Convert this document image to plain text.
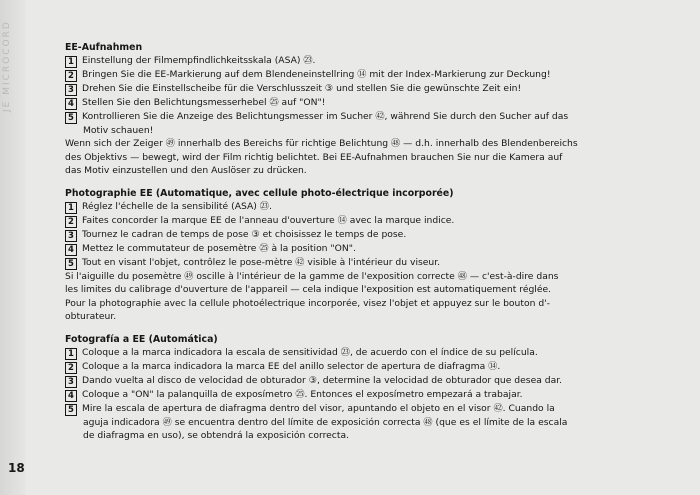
JE MICROCORD	EE-Aufnahmen
1 Einstellung der Filmempfindlichkeitsskala (ASA) ㉓.
2 Bringen Sie die EE-Markierung auf dem Blendeneinstellring ⑭ mit der Index-Markierung zur Deckung!
3 Drehen Sie die Einstellscheibe für die Verschlusszeit ③ und stellen Sie die gewünschte Zeit ein!
4 Stellen Sie den Belichtungsmesserhebel ㉕ auf "ON"!
5 Kontrollieren Sie die Anzeige des Belichtungsmesser im Sucher ㊷, während Sie durch den Sucher auf das
Motiv schauen!
Wenn sich der Zeiger ㊾ innerhalb des Bereichs für richtige Belichtung ㊽ — d.h. innerhalb des Blendenbereichs
des Objektivs — bewegt, wird der Film richtig belichtet. Bei EE-Aufnahmen brauchen Sie nur die Kamera auf
das Motiv einzustellen und den Auslöser zu drücken.
Photographie EE (Automatique, avec cellule photo-électrique incorporée)
1 Réglez l'échelle de la sensibilité (ASA) ㉓.
2 Faites concorder la marque EE de l'anneau d'ouverture ⑭ avec la marque indice.
3 Tournez le cadran de temps de pose ③ et choisissez le temps de pose.
4 Mettez le commutateur de posemètre ㉕ à la position "ON".
5 Tout en visant l'objet, contrôlez le pose-mètre ㊷ visible à l'intérieur du viseur.
Si l'aiguille du posemètre ㊾ oscille à l'intérieur de la gamme de l'exposition correcte ㊽ — c'est-à-dire dans
les limites du calibrage d'ouverture de l'appareil — cela indique l'exposition est automatiquement réglée.
Pour la photographie avec la cellule photoélectrique incorporée, visez l'objet et appuyez sur le bouton d'-
obturateur.
Fotografía a EE (Automática)
1 Coloque a la marca indicadora la escala de sensitividad ㉓, de acuerdo con el índice de su película.
2 Coloque a la marca indicadora la marca EE del anillo selector de apertura de diafragma ⑭.
3 Dando vuelta al disco de velocidad de obturador ③, determine la velocidad de obturador que desea dar.
4 Coloque a "ON" la palanquilla de exposímetro ㉕. Entonces el exposímetro empezará a trabajar.
5 Mire la escala de apertura de diafragma dentro del visor, apuntando el objeto en el visor ㊷. Cuando la
aguja indicadora ㊾ se encuentra dentro del límite de exposición correcta ㊽ (que es el límite de la escala
de diafragma en uso), se obtendrá la exposición correcta.
18
